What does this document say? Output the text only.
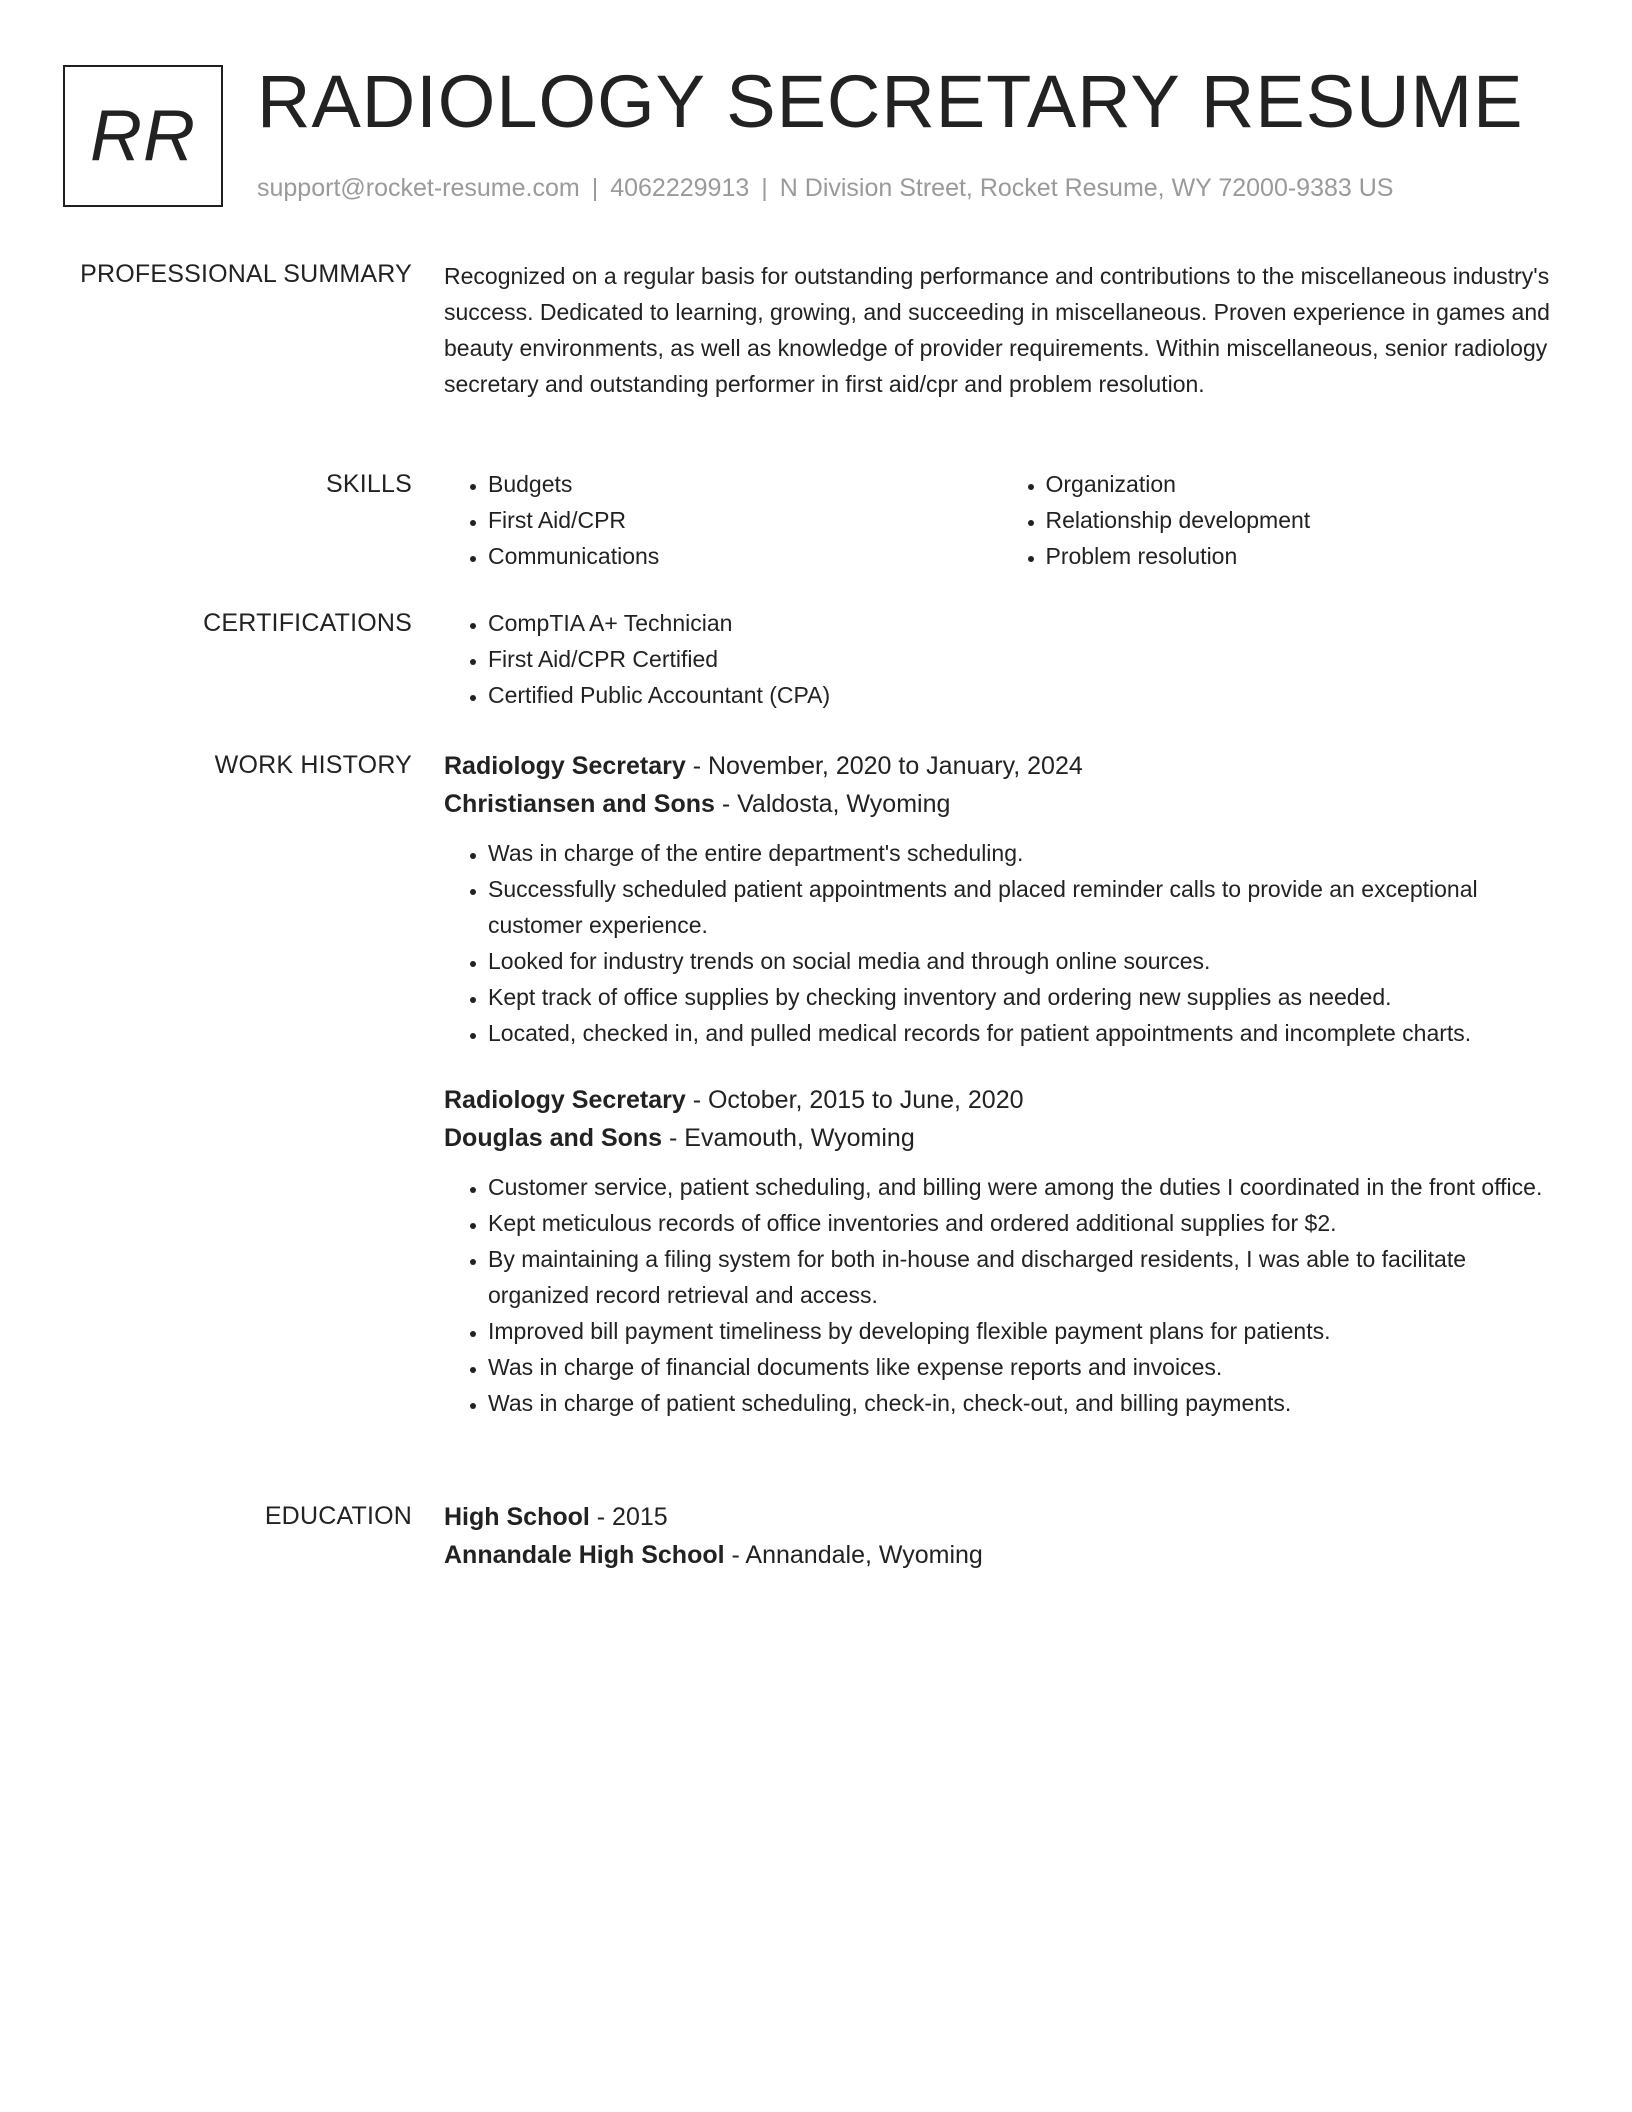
RR RADIOLOGY SECRETARY RESUME
support@rocket-resume.com | 4062229913 | N Division Street, Rocket Resume, WY 72000-9383 US
PROFESSIONAL SUMMARY Recognized on a regular basis for outstanding performance and contributions to the miscellaneous industry's success. Dedicated to learning, growing, and succeeding in miscellaneous. Proven experience in games and beauty environments, as well as knowledge of provider requirements. Within miscellaneous, senior radiology secretary and outstanding performer in first aid/cpr and problem resolution.

SKILLS	• Budgets
• First Aid/CPR
• Communications
• Organization
• Relationship development
• Problem resolution
CERTIFICATIONS	• CompTIA A+ Technician
• First Aid/CPR Certified
• Certified Public Accountant (CPA)
WORK HISTORY Radiology Secretary - November, 2020 to January, 2024

Christiansen and Sons - Valdosta, Wyoming

• Was in charge of the entire department's scheduling.
• Successfully scheduled patient appointments and placed reminder calls to provide an exceptional customer experience.
• Looked for industry trends on social media and through online sources.
• Kept track of office supplies by checking inventory and ordering new supplies as needed.
• Located, checked in, and pulled medical records for patient appointments and incomplete charts.

Radiology Secretary - October, 2015 to June, 2020

Douglas and Sons - Evamouth, Wyoming

• Customer service, patient scheduling, and billing were among the duties I coordinated in the front office.
• Kept meticulous records of office inventories and ordered additional supplies for $2.
• By maintaining a filing system for both in-house and discharged residents, I was able to facilitate organized record retrieval and access.
• Improved bill payment timeliness by developing flexible payment plans for patients.
• Was in charge of financial documents like expense reports and invoices.
• Was in charge of patient scheduling, check-in, check-out, and billing payments.
EDUCATION High School - 2015

Annandale High School - Annandale, Wyoming
